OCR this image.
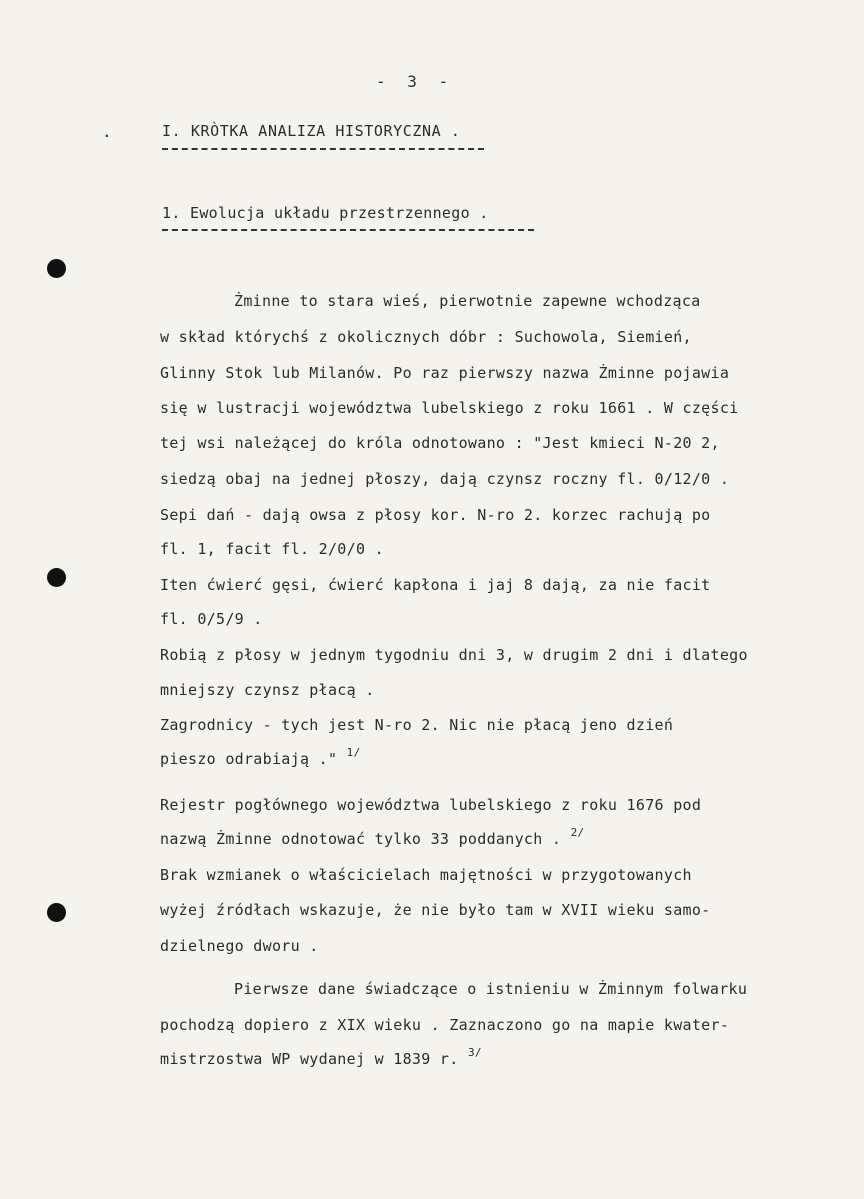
- 3 -
.	I. KRÒTKA ANALIZA HISTORYCZNA .
1. Ewolucja układu przestrzennego .
Żminne to stara wieś, pierwotnie zapewne wchodząca
w skład którychś z okolicznych dóbr : Suchowola, Siemień,
Glinny Stok lub Milanów. Po raz pierwszy nazwa Żminne pojawia
się w lustracji województwa lubelskiego z roku 1661 . W części
tej wsi należącej do króla odnotowano : "Jest kmieci N-20 2,
siedzą obaj na jednej płoszy, dają czynsz roczny fl. 0/12/0 .
Sepi dań - dają owsa z płosy kor. N-ro 2. korzec rachują po
fl. 1, facit fl. 2/0/0 .
Iten ćwierć gęsi, ćwierć kapłona i jaj 8 dają, za nie facit
fl. 0/5/9 .
Robią z płosy w jednym tygodniu dni 3, w drugim 2 dni i dlatego
mniejszy czynsz płacą .
Zagrodnicy - tych jest N-ro 2. Nic nie płacą jeno dzień
pieszo odrabiają ." $^{1/}$
Rejestr pogłównego województwa lubelskiego z roku 1676 pod
nazwą Żminne odnotować tylko 33 poddanych . $^{2/}$
Brak wzmianek o właścicielach majętności w przygotowanych
wyżej źródłach wskazuje, że nie było tam w XVII wieku samo-
dzielnego dworu .
Pierwsze dane świadczące o istnieniu w Żminnym folwarku
pochodzą dopiero z XIX wieku . Zaznaczono go na mapie kwater-
mistrzostwa WP wydanej w 1839 r. $^{3/}$
